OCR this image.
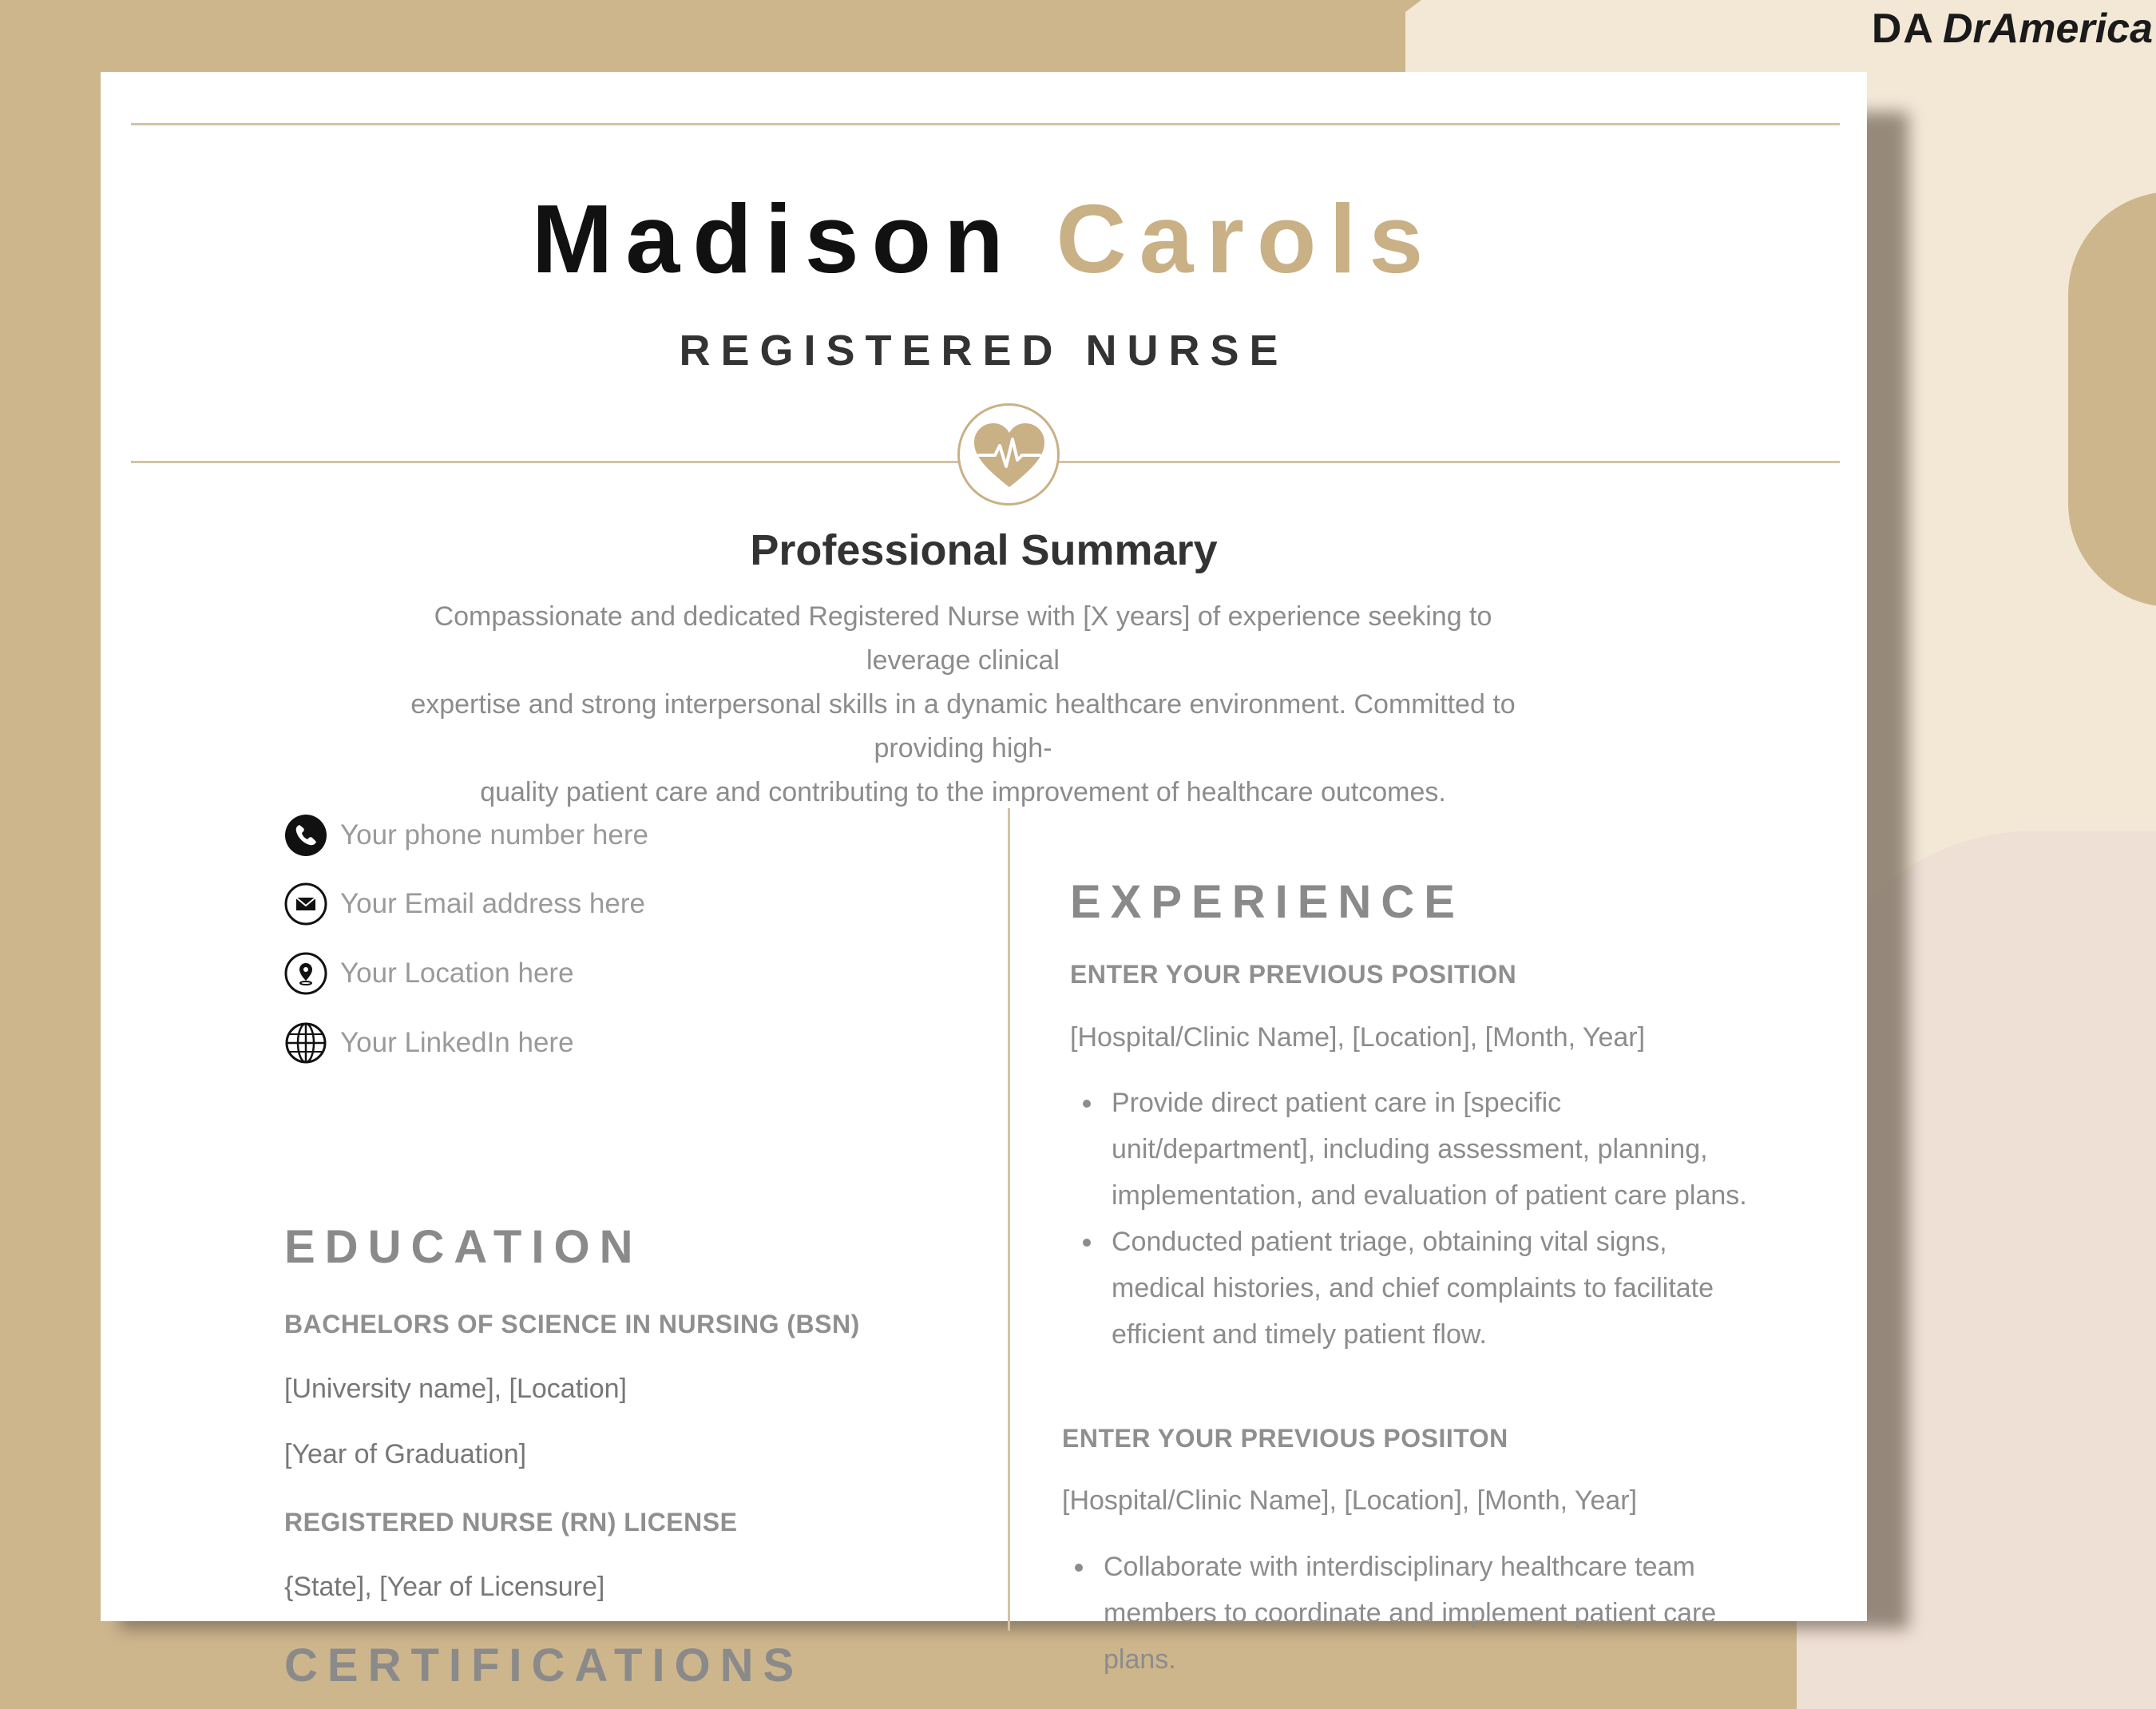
DA DrAmerica
Madison Carols
REGISTERED NURSE
Professional Summary
Compassionate and dedicated Registered Nurse with [X years] of experience seeking to leverage clinical
expertise and strong interpersonal skills in a dynamic healthcare environment. Committed to providing high-
quality patient care and contributing to the improvement of healthcare outcomes.
Your phone number here
Your Email address here
Your Location here
Your LinkedIn here
EDUCATION
BACHELORS OF SCIENCE IN NURSING (BSN)
[University name], [Location]
[Year of Graduation]
REGISTERED NURSE (RN) LICENSE
{State], [Year of Licensure]
CERTIFICATIONS
EXPERIENCE
ENTER YOUR PREVIOUS POSITION
[Hospital/Clinic Name], [Location], [Month, Year]
Provide direct patient care in [specific
unit/department], including assessment, planning,
implementation, and evaluation of patient care plans.
Conducted patient triage, obtaining vital signs,
medical histories, and chief complaints to facilitate
efficient and timely patient flow.
ENTER YOUR PREVIOUS POSIITON
[Hospital/Clinic Name], [Location], [Month, Year]
Collaborate with interdisciplinary healthcare team
members to coordinate and implement patient care
plans.
